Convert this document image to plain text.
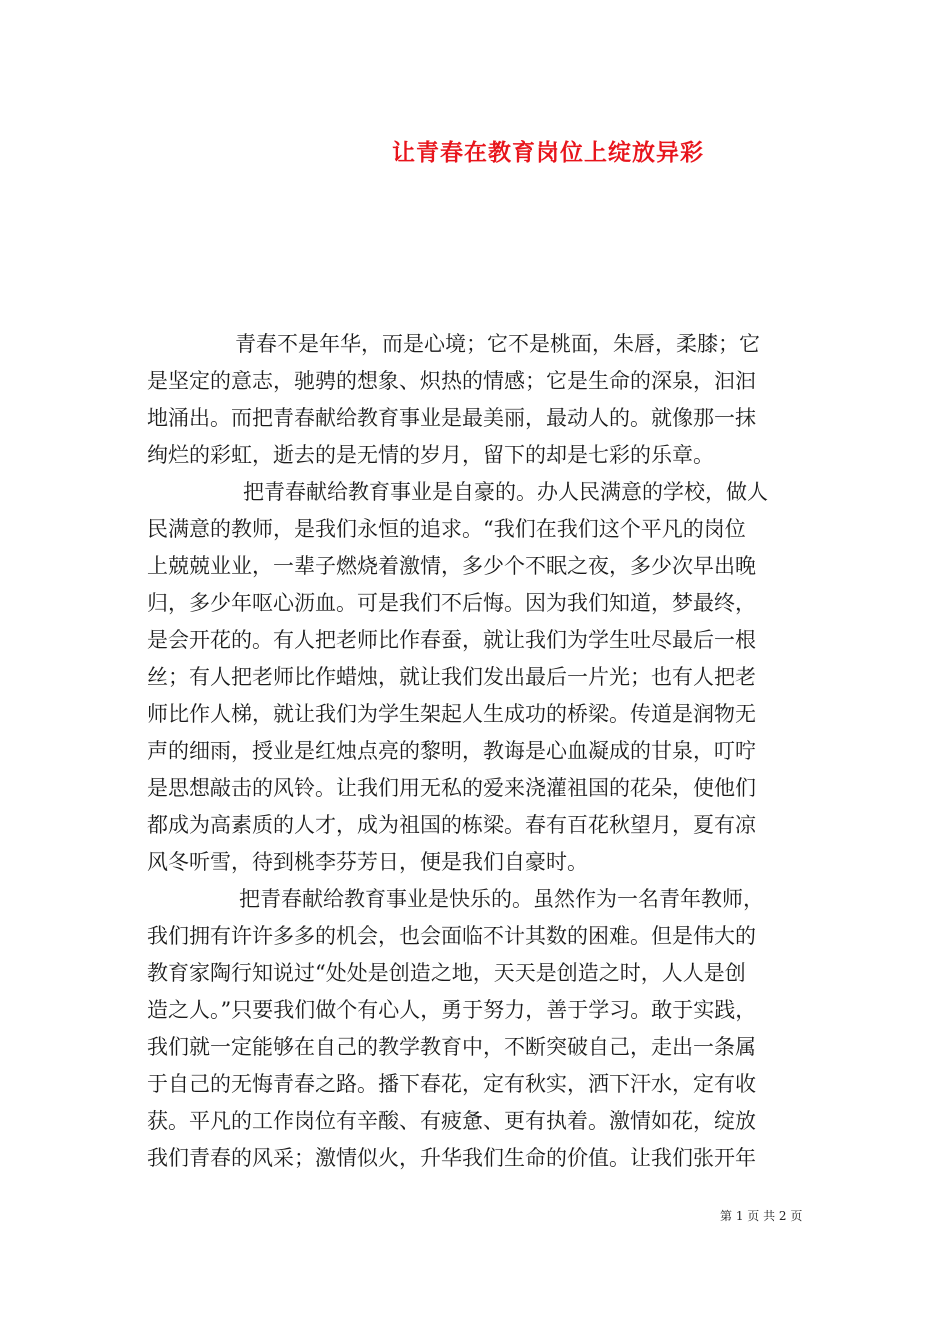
让青春在教育岗位上绽放异彩
青春不是年华，而是心境；它不是桃面，朱唇，柔膝；它
是坚定的意志，驰骋的想象、炽热的情感；它是生命的深泉，汩汩
地涌出。而把青春献给教育事业是最美丽，最动人的。就像那一抹
绚烂的彩虹，逝去的是无情的岁月，留下的却是七彩的乐章。
把青春献给教育事业是自豪的。办人民满意的学校，做人
民满意的教师，是我们永恒的追求。“我们在我们这个平凡的岗位
上兢兢业业，一辈子燃烧着激情，多少个不眠之夜，多少次早出晚
归，多少年呕心沥血。可是我们不后悔。因为我们知道，梦最终，
是会开花的。有人把老师比作春蚕，就让我们为学生吐尽最后一根
丝；有人把老师比作蜡烛，就让我们发出最后一片光；也有人把老
师比作人梯，就让我们为学生架起人生成功的桥梁。传道是润物无
声的细雨，授业是红烛点亮的黎明，教诲是心血凝成的甘泉，叮咛
是思想敲击的风铃。让我们用无私的爱来浇灌祖国的花朵，使他们
都成为高素质的人才，成为祖国的栋梁。春有百花秋望月，夏有凉
风冬听雪，待到桃李芬芳日，便是我们自豪时。
把青春献给教育事业是快乐的。虽然作为一名青年教师，
我们拥有许许多多的机会，也会面临不计其数的困难。但是伟大的
教育家陶行知说过“处处是创造之地，天天是创造之时，人人是创
造之人。”只要我们做个有心人，勇于努力，善于学习。敢于实践，
我们就一定能够在自己的教学教育中，不断突破自己，走出一条属
于自己的无悔青春之路。播下春花，定有秋实，洒下汗水，定有收
获。平凡的工作岗位有辛酸、有疲惫、更有执着。激情如花，绽放
我们青春的风采；激情似火，升华我们生命的价值。让我们张开年
第 1 页 共 2 页
